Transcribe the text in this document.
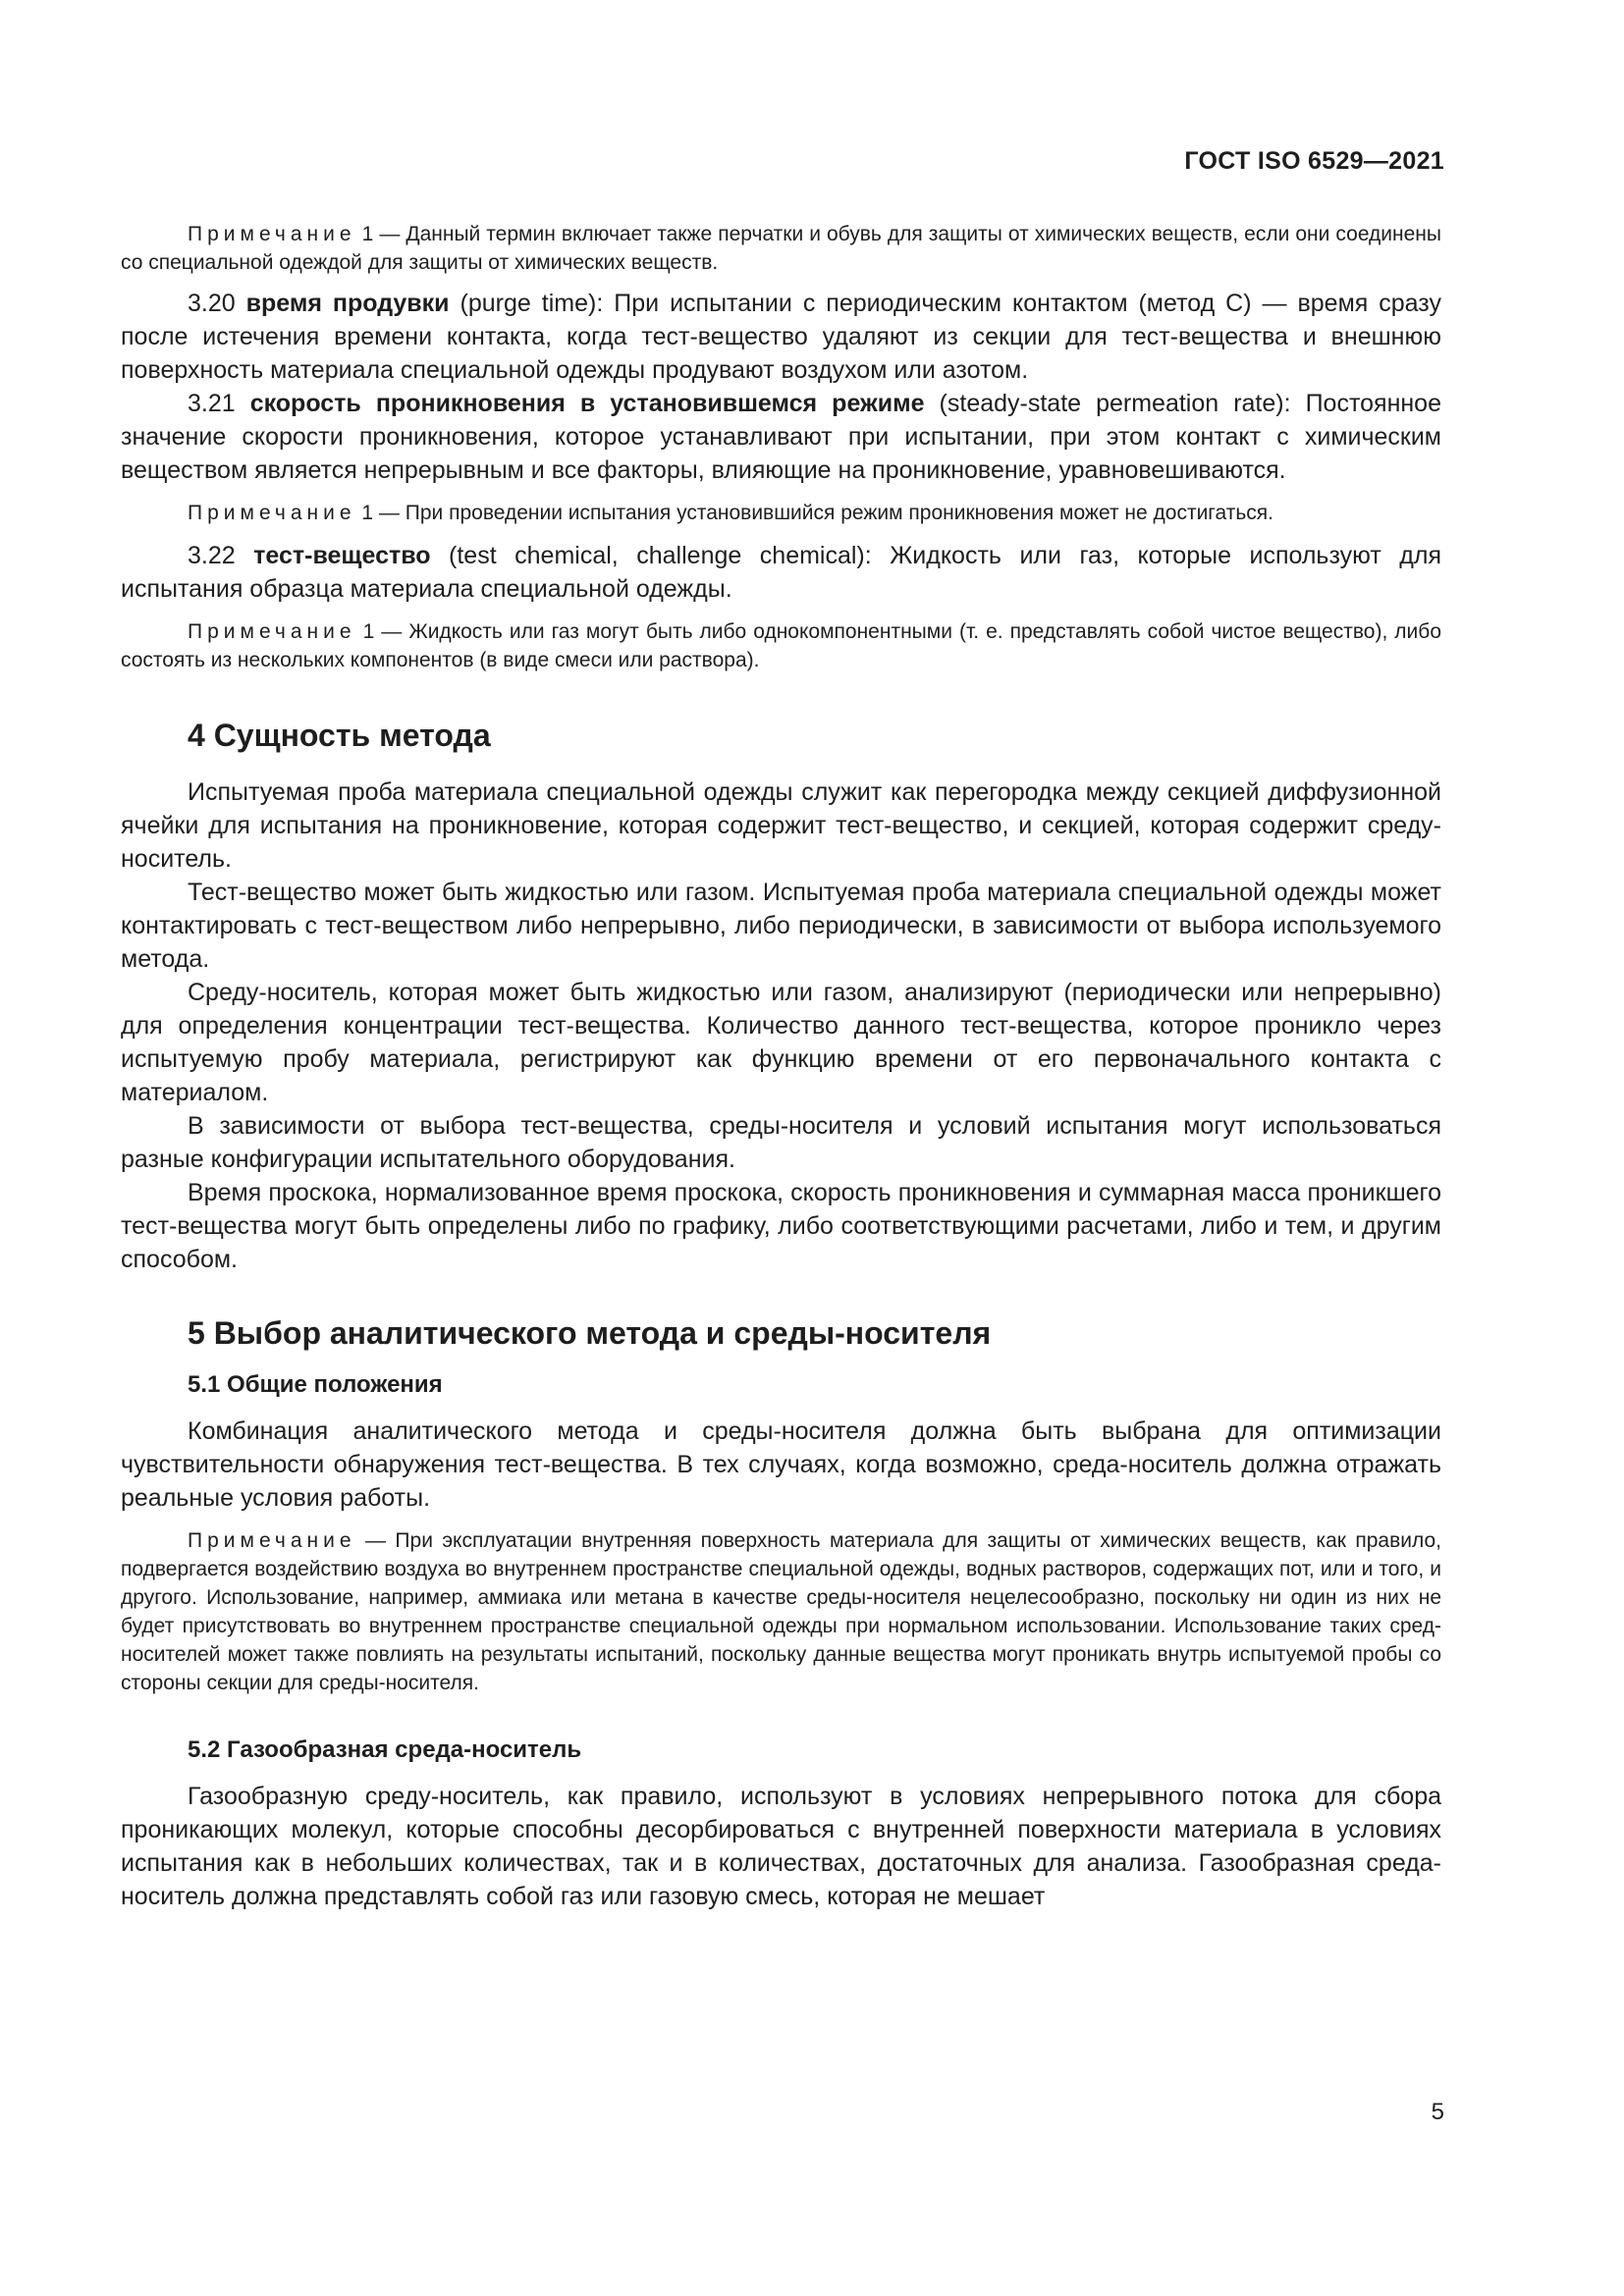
ГОСТ ISO 6529—2021

Примечание 1 — Данный термин включает также перчатки и обувь для защиты от химических веществ, если они соединены со специальной одеждой для защиты от химических веществ.

3.20 время продувки (purge time): При испытании с периодическим контактом (метод С) — время сразу после истечения времени контакта, когда тест-вещество удаляют из секции для тест-вещества и внешнюю поверхность материала специальной одежды продувают воздухом или азотом.

3.21 скорость проникновения в установившемся режиме (steady-state permeation rate): Постоянное значение скорости проникновения, которое устанавливают при испытании, при этом контакт с химическим веществом является непрерывным и все факторы, влияющие на проникновение, уравновешиваются.

Примечание 1 — При проведении испытания установившийся режим проникновения может не достигаться.

3.22 тест-вещество (test chemical, challenge chemical): Жидкость или газ, которые используют для испытания образца материала специальной одежды.

Примечание 1 — Жидкость или газ могут быть либо однокомпонентными (т. е. представлять собой чистое вещество), либо состоять из нескольких компонентов (в виде смеси или раствора).

4 Сущность метода

Испытуемая проба материала специальной одежды служит как перегородка между секцией диффузионной ячейки для испытания на проникновение, которая содержит тест-вещество, и секцией, которая содержит среду-носитель.

Тест-вещество может быть жидкостью или газом. Испытуемая проба материала специальной одежды может контактировать с тест-веществом либо непрерывно, либо периодически, в зависимости от выбора используемого метода.

Среду-носитель, которая может быть жидкостью или газом, анализируют (периодически или непрерывно) для определения концентрации тест-вещества. Количество данного тест-вещества, которое проникло через испытуемую пробу материала, регистрируют как функцию времени от его первоначального контакта с материалом.

В зависимости от выбора тест-вещества, среды-носителя и условий испытания могут использоваться разные конфигурации испытательного оборудования.

Время проскока, нормализованное время проскока, скорость проникновения и суммарная масса проникшего тест-вещества могут быть определены либо по графику, либо соответствующими расчетами, либо и тем, и другим способом.

5 Выбор аналитического метода и среды-носителя
5.1 Общие положения

Комбинация аналитического метода и среды-носителя должна быть выбрана для оптимизации чувствительности обнаружения тест-вещества. В тех случаях, когда возможно, среда-носитель должна отражать реальные условия работы.

Примечание — При эксплуатации внутренняя поверхность материала для защиты от химических веществ, как правило, подвергается воздействию воздуха во внутреннем пространстве специальной одежды, водных растворов, содержащих пот, или и того, и другого. Использование, например, аммиака или метана в качестве среды-носителя нецелесообразно, поскольку ни один из них не будет присутствовать во внутреннем пространстве специальной одежды при нормальном использовании. Использование таких сред-носителей может также повлиять на результаты испытаний, поскольку данные вещества могут проникать внутрь испытуемой пробы со стороны секции для среды-носителя.

5.2 Газообразная среда-носитель

Газообразную среду-носитель, как правило, используют в условиях непрерывного потока для сбора проникающих молекул, которые способны десорбироваться с внутренней поверхности материала в условиях испытания как в небольших количествах, так и в количествах, достаточных для анализа. Газообразная среда-носитель должна представлять собой газ или газовую смесь, которая не мешает

5
